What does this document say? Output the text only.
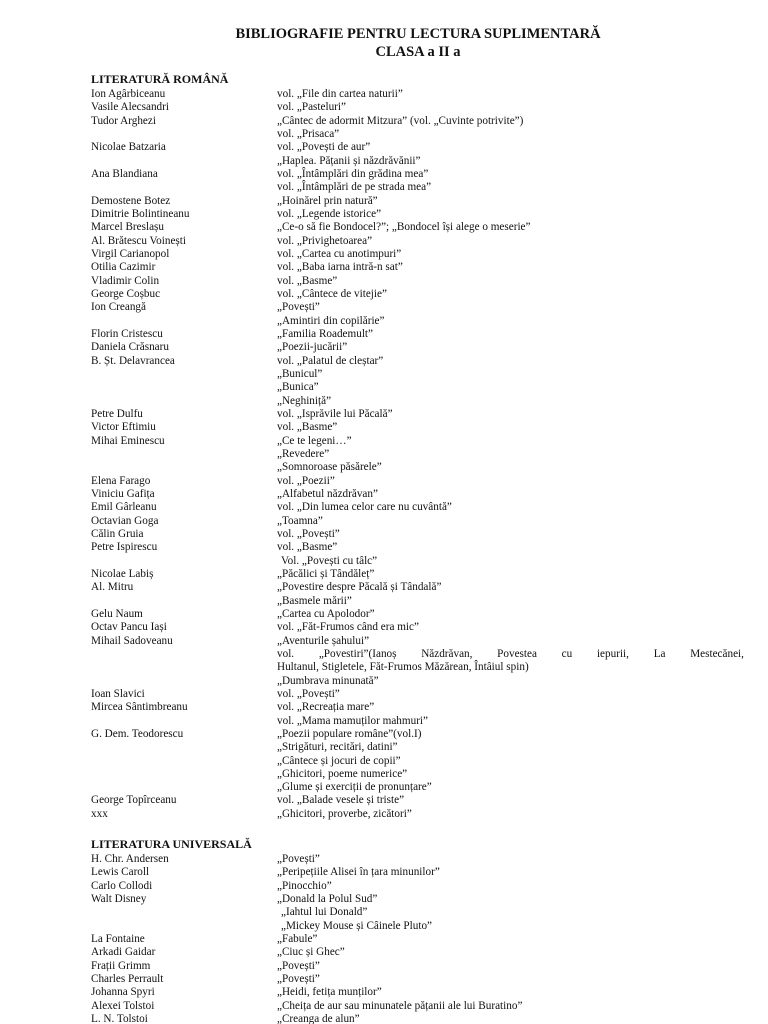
BIBLIOGRAFIE PENTRU LECTURA SUPLIMENTARĂ
CLASA a II a
LITERATURĂ ROMÂNĂ
Ion Agârbiceanu	vol. „File din cartea naturii”
Vasile Alecsandri	vol. „Pasteluri”
Tudor Arghezi	„Cântec de adormit Mitzura” (vol. „Cuvinte potrivite”)
vol. „Prisaca”
Nicolae Batzaria	vol. „Povești de aur”
„Haplea. Pățanii și năzdrăvănii”
Ana Blandiana	vol. „Întâmplări din grădina mea”
vol. „Întâmplări de pe strada mea”
Demostene Botez	„Hoinărel prin natură”
Dimitrie Bolintineanu	vol. „Legende istorice”
Marcel Breslașu	„Ce-o să fie Bondocel?”; „Bondocel își alege o meserie”
Al. Brătescu Voinești	vol. „Privighetoarea”
Virgil Carianopol	vol. „Cartea cu anotimpuri”
Otilia Cazimir	vol. „Baba iarna intră-n sat”
Vladimir Colin	vol. „Basme”
George Coșbuc	vol. „Cântece de vitejie”
Ion Creangă	„Povești”
„Amintiri din copilărie”
Florin Cristescu	„Familia Roademult”
Daniela Crăsnaru	„Poezii-jucării”
B. Șt. Delavrancea	vol. „Palatul de cleștar”
„Bunicul”
„Bunica”
„Neghiniță”
Petre Dulfu	vol. „Isprăvile lui Păcală”
Victor Eftimiu	vol. „Basme”
Mihai Eminescu	„Ce te legeni…”
„Revedere”
„Somnoroase păsărele”
Elena Farago	vol. „Poezii”
Viniciu Gafița	„Alfabetul năzdrăvan”
Emil Gârleanu	vol. „Din lumea celor care nu cuvântă”
Octavian Goga	„Toamna”
Călin Gruia	vol. „Povești”
Petre Ispirescu	vol. „Basme”
Vol. „Povești cu tâlc”
Nicolae Labiș	„Păcălici și Tândăleț”
Al. Mitru	„Povestire despre Păcală și Tândală”
„Basmele mării”
Gelu Naum	„Cartea cu Apolodor”
Octav Pancu Iași	vol. „Făt-Frumos când era mic”
Mihail Sadoveanu	„Aventurile șahului”
vol. „Povestiri”(Ianoș Năzdrăvan, Povestea cu iepurii, La Mestecănei,
Hultanul, Stigletele, Făt-Frumos Măzărean, Întâiul spin)
„Dumbrava minunată”
Ioan Slavici	vol. „Povești”
Mircea Sântimbreanu	vol. „Recreația mare”
vol. „Mama mamuților mahmuri”
G. Dem. Teodorescu	„Poezii populare române”(vol.I)
„Strigături, recitări, datini”
„Cântece și jocuri de copii”
„Ghicitori, poeme numerice”
„Glume și exerciții de pronunțare”
George Topîrceanu	vol. „Balade vesele și triste”
xxx	„Ghicitori, proverbe, zicători”
LITERATURA UNIVERSALĂ
H. Chr. Andersen	„Povești”
Lewis Caroll	„Peripețiile Alisei în țara minunilor”
Carlo Collodi	„Pinocchio”
Walt Disney	„Donald la Polul Sud”
„Iahtul lui Donald”
„Mickey Mouse și Câinele Pluto”
La Fontaine	„Fabule”
Arkadi Gaidar	„Ciuc și Ghec”
Frații Grimm	„Povești”
Charles Perrault	„Povești”
Johanna Spyri	„Heidi, fetița munților”
Alexei Tolstoi	„Cheița de aur sau minunatele pățanii ale lui Buratino”
L. N. Tolstoi	„Creanga de alun”
